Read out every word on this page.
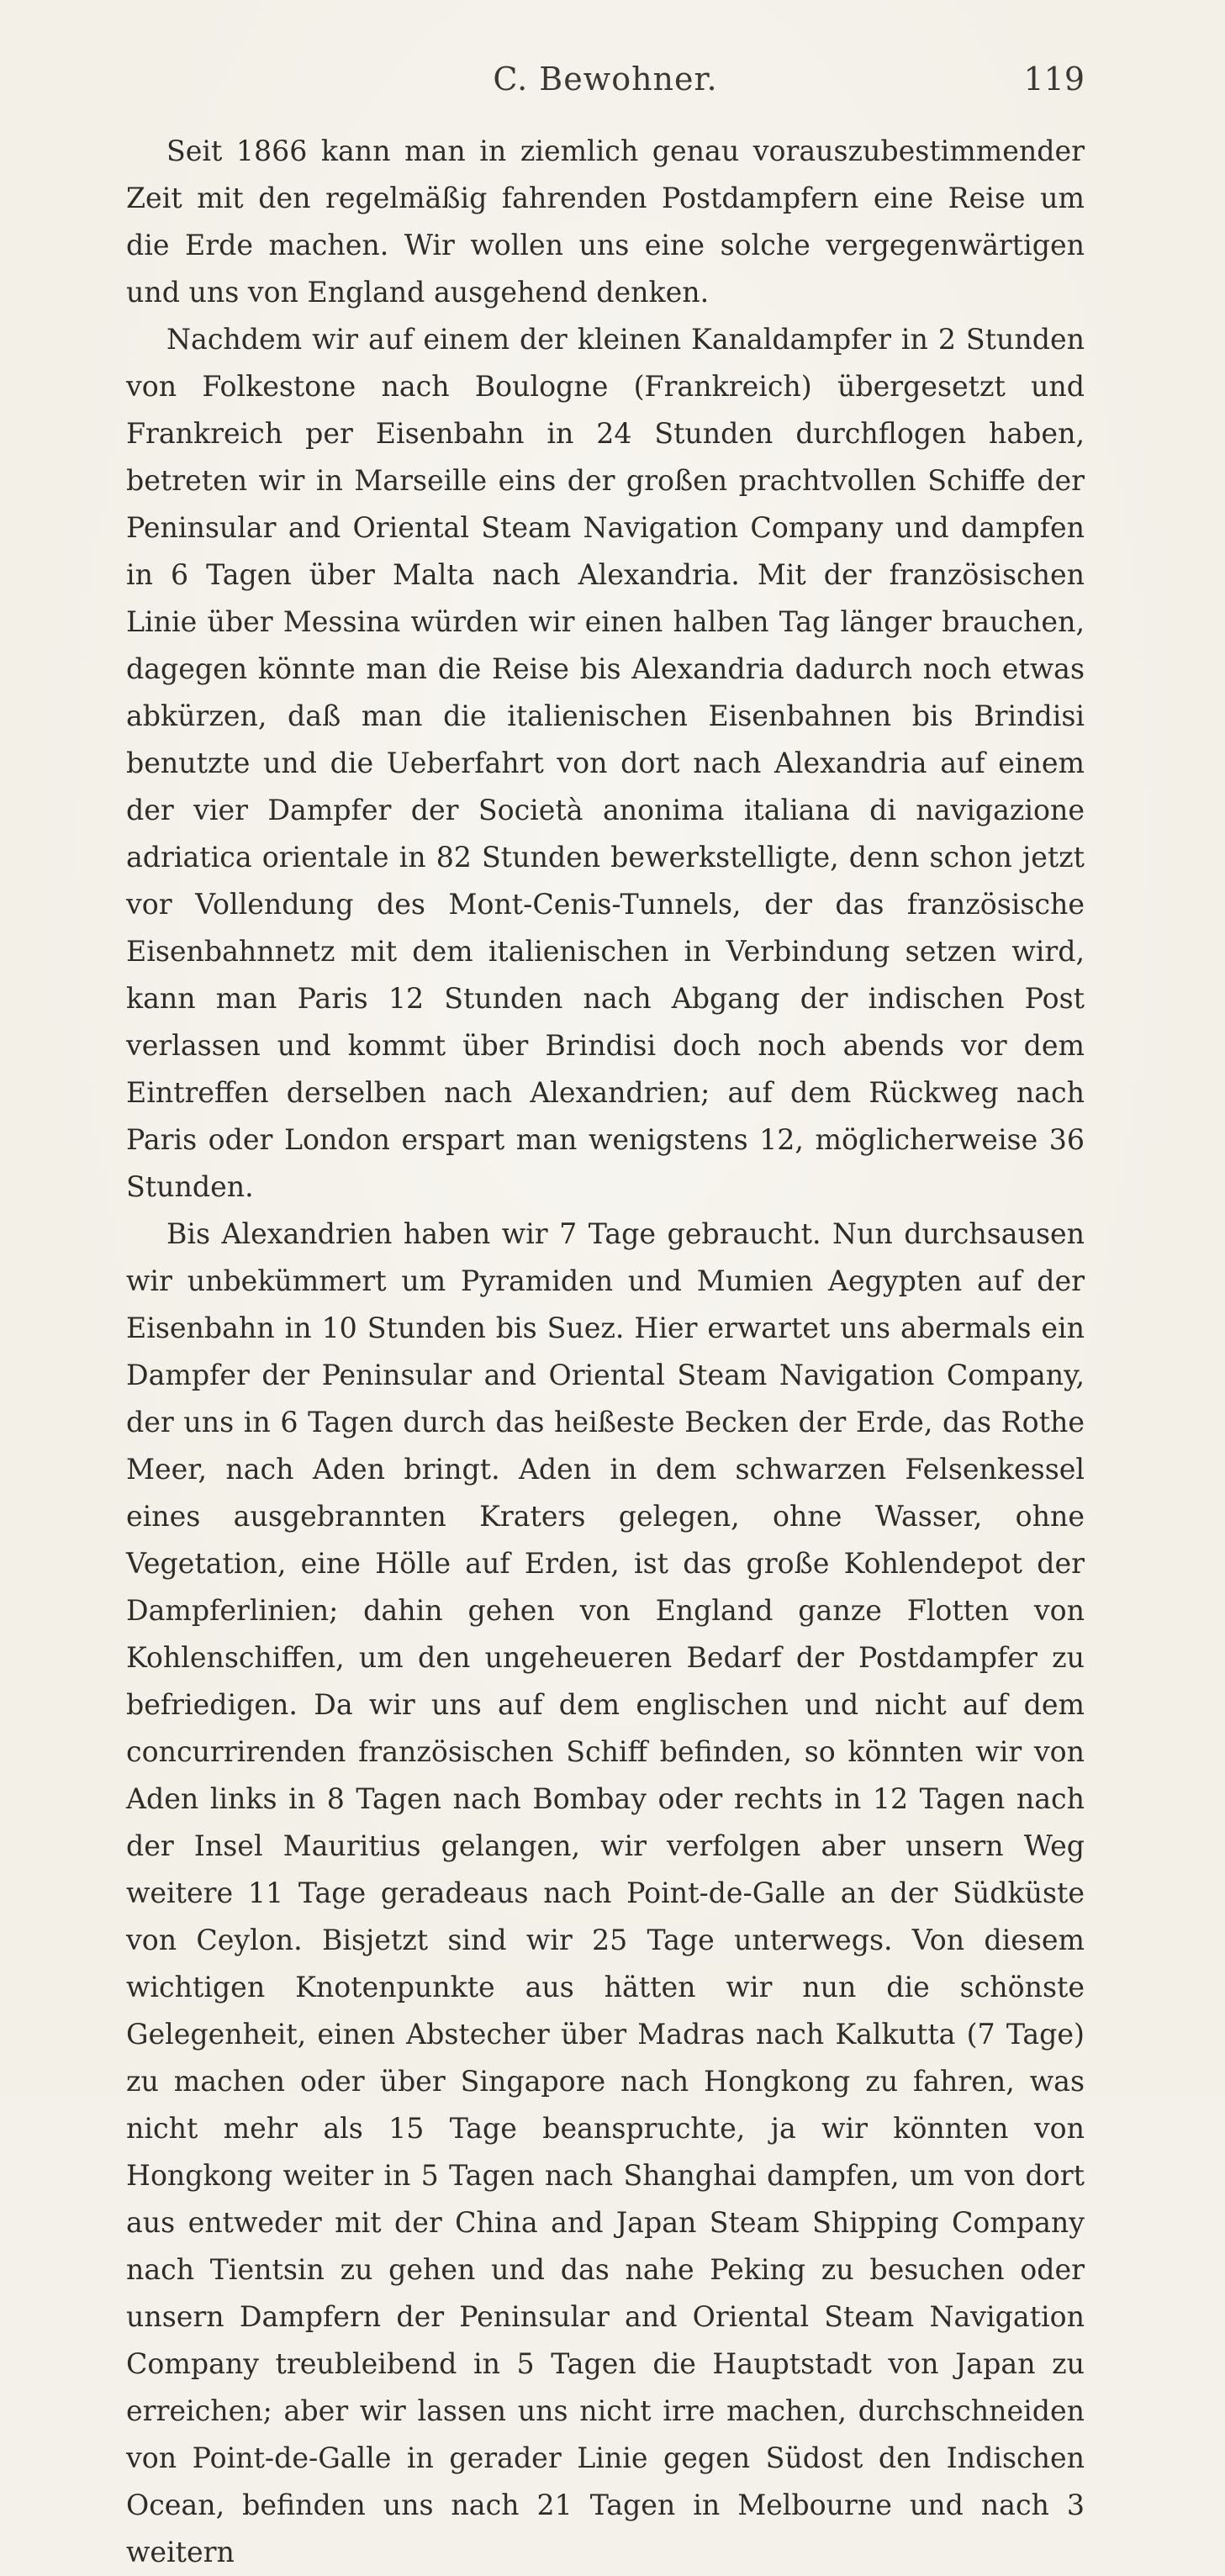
C. Bewohner.	119

Seit 1866 kann man in ziemlich genau vorauszubestimmender Zeit mit den regelmäßig fahrenden Postdampfern eine Reise um die Erde machen. Wir wollen uns eine solche vergegenwärtigen und uns von England ausgehend denken.

Nachdem wir auf einem der kleinen Kanaldampfer in 2 Stunden von Folkestone nach Boulogne (Frankreich) übergesetzt und Frankreich per Eisenbahn in 24 Stunden durchflogen haben, betreten wir in Marseille eins der großen prachtvollen Schiffe der Peninsular and Oriental Steam Navigation Company und dampfen in 6 Tagen über Malta nach Alexandria. Mit der französischen Linie über Messina würden wir einen halben Tag länger brauchen, dagegen könnte man die Reise bis Alexandria dadurch noch etwas abkürzen, daß man die italienischen Eisenbahnen bis Brindisi benutzte und die Ueberfahrt von dort nach Alexandria auf einem der vier Dampfer der Società anonima italiana di navigazione adriatica orientale in 82 Stunden bewerkstelligte, denn schon jetzt vor Vollendung des Mont-Cenis-Tunnels, der das französische Eisenbahnnetz mit dem italienischen in Verbindung setzen wird, kann man Paris 12 Stunden nach Abgang der indischen Post verlassen und kommt über Brindisi doch noch abends vor dem Eintreffen derselben nach Alexandrien; auf dem Rückweg nach Paris oder London erspart man wenigstens 12, möglicherweise 36 Stunden.

Bis Alexandrien haben wir 7 Tage gebraucht. Nun durchsausen wir unbekümmert um Pyramiden und Mumien Aegypten auf der Eisenbahn in 10 Stunden bis Suez. Hier erwartet uns abermals ein Dampfer der Peninsular and Oriental Steam Navigation Company, der uns in 6 Tagen durch das heißeste Becken der Erde, das Rothe Meer, nach Aden bringt. Aden in dem schwarzen Felsenkessel eines ausgebrannten Kraters gelegen, ohne Wasser, ohne Vegetation, eine Hölle auf Erden, ist das große Kohlendepot der Dampferlinien; dahin gehen von England ganze Flotten von Kohlenschiffen, um den ungeheueren Bedarf der Postdampfer zu befriedigen. Da wir uns auf dem englischen und nicht auf dem concurrirenden französischen Schiff befinden, so könnten wir von Aden links in 8 Tagen nach Bombay oder rechts in 12 Tagen nach der Insel Mauritius gelangen, wir verfolgen aber unsern Weg weitere 11 Tage geradeaus nach Point-de-Galle an der Südküste von Ceylon. Bisjetzt sind wir 25 Tage unterwegs. Von diesem wichtigen Knotenpunkte aus hätten wir nun die schönste Gelegenheit, einen Abstecher über Madras nach Kalkutta (7 Tage) zu machen oder über Singapore nach Hongkong zu fahren, was nicht mehr als 15 Tage beanspruchte, ja wir könnten von Hongkong weiter in 5 Tagen nach Shanghai dampfen, um von dort aus entweder mit der China and Japan Steam Shipping Company nach Tientsin zu gehen und das nahe Peking zu besuchen oder unsern Dampfern der Peninsular and Oriental Steam Navigation Company treubleibend in 5 Tagen die Hauptstadt von Japan zu erreichen; aber wir lassen uns nicht irre machen, durchschneiden von Point-de-Galle in gerader Linie gegen Südost den Indischen Ocean, befinden uns nach 21 Tagen in Melbourne und nach 3 weitern
